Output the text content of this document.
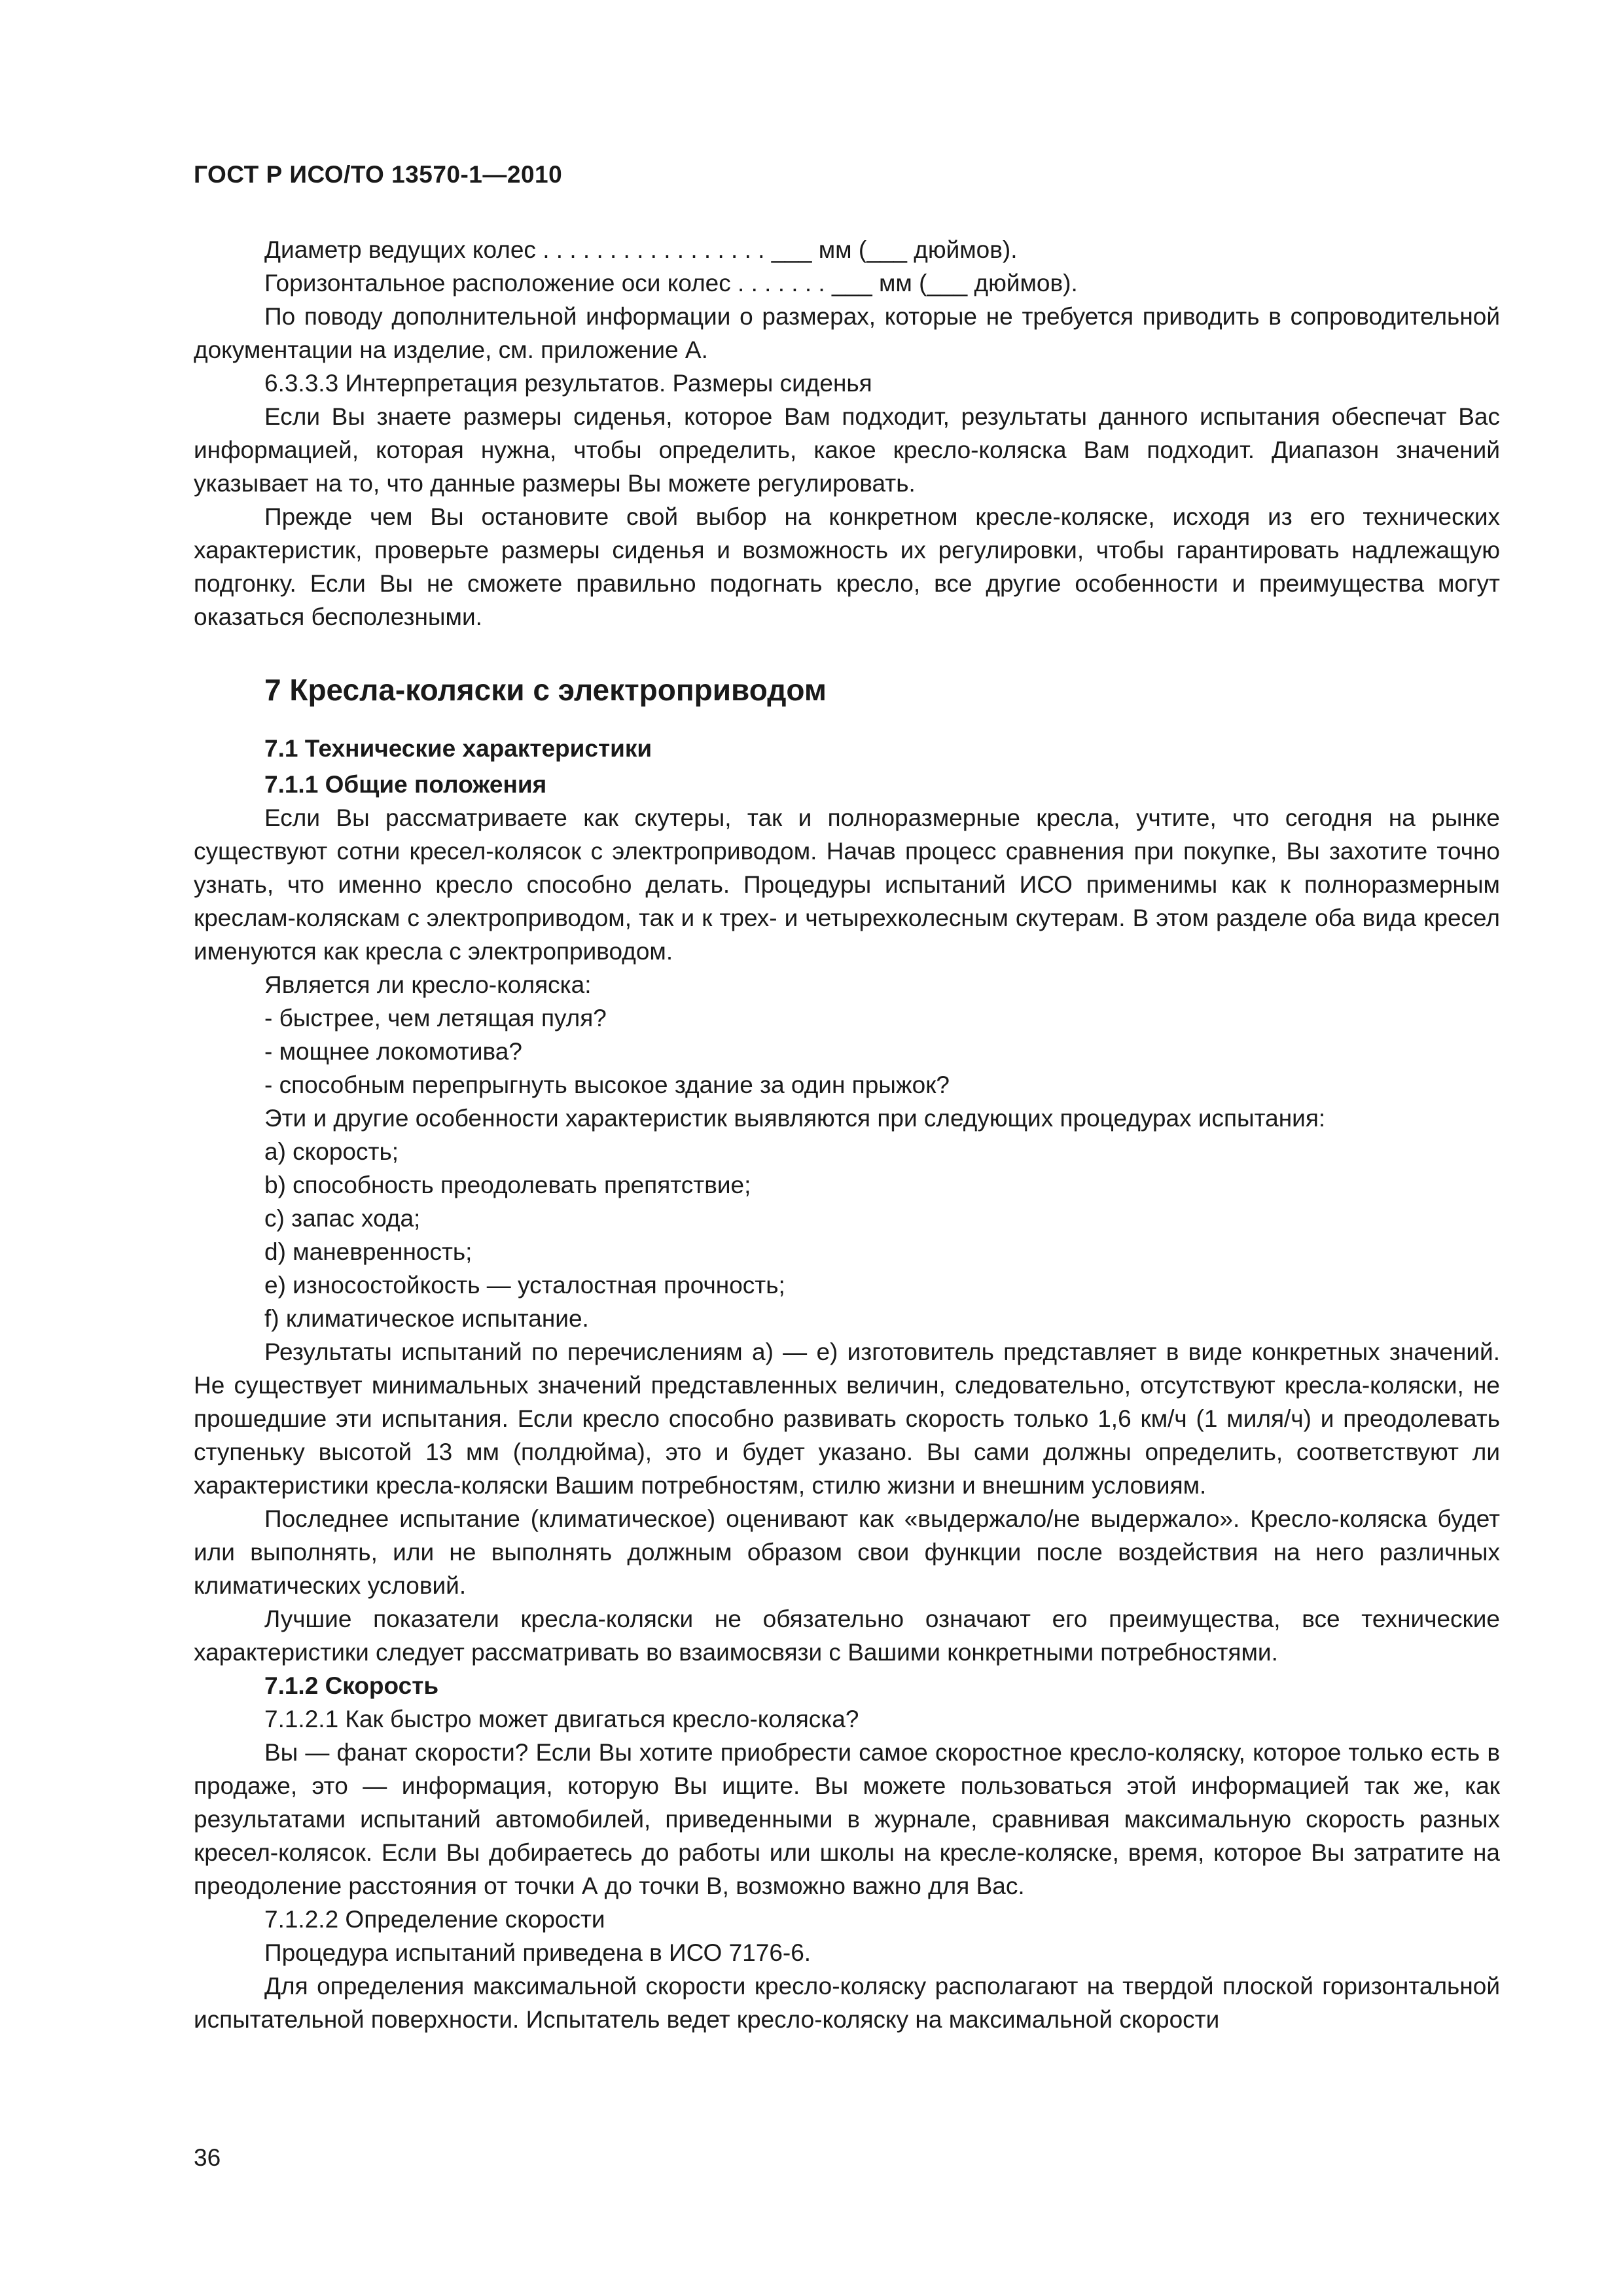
ГОСТ Р ИСО/ТО 13570-1—2010

Диаметр ведущих колес . . . . . . . . . . . . . . . . . ___ мм (___ дюймов).

Горизонтальное расположение оси колес . . . . . . . ___ мм (___ дюймов).

По поводу дополнительной информации о размерах, которые не требуется приводить в сопроводительной документации на изделие, см. приложение А.

6.3.3.3 Интерпретация результатов. Размеры сиденья

Если Вы знаете размеры сиденья, которое Вам подходит, результаты данного испытания обеспечат Вас информацией, которая нужна, чтобы определить, какое кресло-коляска Вам подходит. Диапазон значений указывает на то, что данные размеры Вы можете регулировать.

Прежде чем Вы остановите свой выбор на конкретном кресле-коляске, исходя из его технических характеристик, проверьте размеры сиденья и возможность их регулировки, чтобы гарантировать надлежащую подгонку. Если Вы не сможете правильно подогнать кресло, все другие особенности и преимущества могут оказаться бесполезными.

7 Кресла-коляски с электроприводом
7.1 Технические характеристики
7.1.1 Общие положения

Если Вы рассматриваете как скутеры, так и полноразмерные кресла, учтите, что сегодня на рынке существуют сотни кресел-колясок с электроприводом. Начав процесс сравнения при покупке, Вы захотите точно узнать, что именно кресло способно делать. Процедуры испытаний ИСО применимы как к полноразмерным креслам-коляскам с электроприводом, так и к трех- и четырехколесным скутерам. В этом разделе оба вида кресел именуются как кресла с электроприводом.

Является ли кресло-коляска:

- быстрее, чем летящая пуля?

- мощнее локомотива?

- способным перепрыгнуть высокое здание за один прыжок?

Эти и другие особенности характеристик выявляются при следующих процедурах испытания:

a) скорость;

b) способность преодолевать препятствие;

c) запас хода;

d) маневренность;

e) износостойкость — усталостная прочность;

f) климатическое испытание.

Результаты испытаний по перечислениям a) — e) изготовитель представляет в виде конкретных значений. Не существует минимальных значений представленных величин, следовательно, отсутствуют кресла-коляски, не прошедшие эти испытания. Если кресло способно развивать скорость только 1,6 км/ч (1 миля/ч) и преодолевать ступеньку высотой 13 мм (полдюйма), это и будет указано. Вы сами должны определить, соответствуют ли характеристики кресла-коляски Вашим потребностям, стилю жизни и внешним условиям.

Последнее испытание (климатическое) оценивают как «выдержало/не выдержало». Кресло-коляска будет или выполнять, или не выполнять должным образом свои функции после воздействия на него различных климатических условий.

Лучшие показатели кресла-коляски не обязательно означают его преимущества, все технические характеристики следует рассматривать во взаимосвязи с Вашими конкретными потребностями.

7.1.2 Скорость

7.1.2.1 Как быстро может двигаться кресло-коляска?

Вы — фанат скорости? Если Вы хотите приобрести самое скоростное кресло-коляску, которое только есть в продаже, это — информация, которую Вы ищите. Вы можете пользоваться этой информацией так же, как результатами испытаний автомобилей, приведенными в журнале, сравнивая максимальную скорость разных кресел-колясок. Если Вы добираетесь до работы или школы на кресле-коляске, время, которое Вы затратите на преодоление расстояния от точки А до точки В, возможно важно для Вас.

7.1.2.2 Определение скорости

Процедура испытаний приведена в ИСО 7176-6.

Для определения максимальной скорости кресло-коляску располагают на твердой плоской горизонтальной испытательной поверхности. Испытатель ведет кресло-коляску на максимальной скорости

36
